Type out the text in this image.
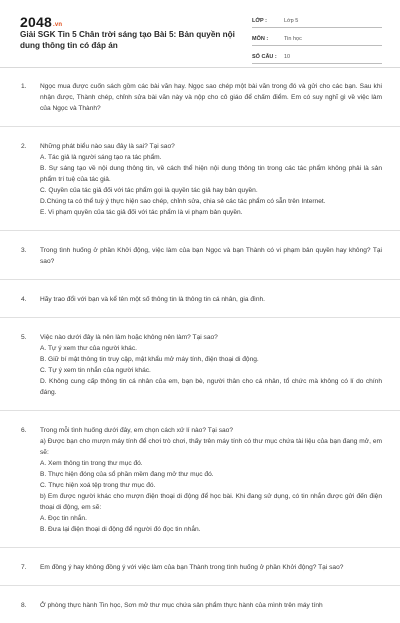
2048.vn
Giải SGK Tin 5 Chân trời sáng tạo Bài 5: Bản quyền nội dung thông tin có đáp án
LỚP :	Lớp 5
MÔN :	Tin học
SỐ CÂU :	10
1. Ngọc mua được cuốn sách gồm các bài văn hay. Ngọc sao chép một bài văn trong đó và gửi cho các bạn. Sau khi nhận được, Thành chép, chỉnh sửa bài văn này và nộp cho cô giáo để chấm điểm. Em có suy nghĩ gì về việc làm của Ngọc và Thành?
2. Những phát biểu nào sau đây là sai? Tại sao?
A. Tác giả là người sáng tạo ra tác phẩm.
B. Sự sáng tạo về nội dung thông tin, về cách thể hiện nội dung thông tin trong các tác phẩm không phải là sản phẩm trí tuệ của tác giả.
C. Quyền của tác giả đối với tác phẩm gọi là quyền tác giả hay bản quyền.
D.Chúng ta có thể tuỳ ý thực hiện sao chép, chỉnh sửa, chia sẻ các tác phẩm có sẵn trên Internet.
E. Vi phạm quyền của tác giả đối với tác phẩm là vi phạm bản quyền.
3. Trong tình huống ở phần Khởi động, việc làm của bạn Ngọc và bạn Thành có vi phạm bản quyền hay không? Tại sao?
4. Hãy trao đổi với bạn và kể tên một số thông tin là thông tin cá nhân, gia đình.
5. Việc nào dưới đây là nên làm hoặc không nên làm? Tại sao?
A. Tự ý xem thư của người khác.
B. Giữ bí mật thông tin truy cập, mật khẩu mở máy tính, điện thoại di động.
C. Tự ý xem tin nhắn của người khác.
D. Không cung cấp thông tin cá nhân của em, bạn bè, người thân cho cá nhân, tổ chức mà không có lí do chính đáng.
6. Trong mỗi tình huống dưới đây, em chọn cách xử lí nào? Tại sao?
a) Được bạn cho mượn máy tính để chơi trò chơi, thấy trên máy tính có thư mục chứa tài liệu của bạn đang mở, em sẽ:
A. Xem thông tin trong thư mục đó.
B. Thực hiện đóng của sổ phần mềm đang mở thư mục đó.
C. Thực hiện xoá tệp trong thư mục đó.
b) Em được người khác cho mượn điện thoại di động để học bài. Khi đang sử dụng, có tin nhắn được gửi đến điện thoại di động, em sẽ:
A. Đọc tin nhắn.
B. Đưa lại điện thoại di động để người đó đọc tin nhắn.
7. Em đồng ý hay không đồng ý với việc làm của bạn Thành trong tình huống ở phần Khởi động? Tại sao?
8. Ở phòng thực hành Tin học, Sơn mở thư mục chứa sản phẩm thực hành của mình trên máy tính
